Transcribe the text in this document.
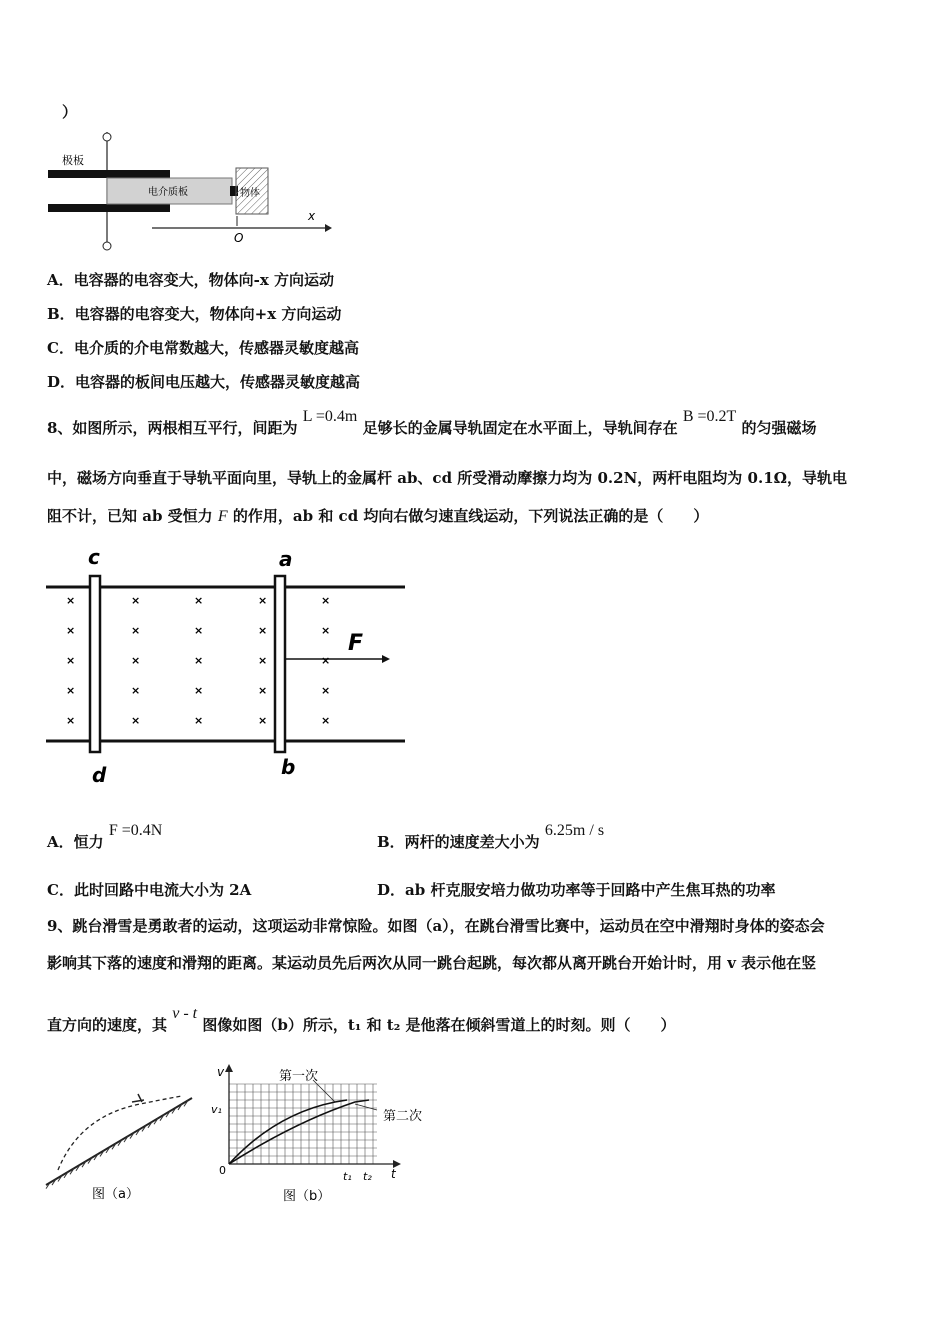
）
极板
电介质板	物体
x
O
A．电容器的电容变大，物体向-x 方向运动
B．电容器的电容变大，物体向+x 方向运动
C．电介质的介电常数越大，传感器灵敏度越高
D．电容器的板间电压越大，传感器灵敏度越高
8、如图所示，两根相互平行，间距为 L =0.4m 足够长的金属导轨固定在水平面上，导轨间存在 B =0.2T 的匀强磁场
中，磁场方向垂直于导轨平面向里，导轨上的金属杆 ab、cd 所受滑动摩擦力均为 0.2N，两杆电阻均为 0.1Ω，导轨电
阻不计，已知 ab 受恒力 F 的作用，ab 和 cd 均向右做匀速直线运动，下列说法正确的是（　　）
c
d
a
b
F
×
×
×
×
×
×
×
×
×
×
×
×
×
×
×
×
×
×
×
×
×
×
×
×
×
A．恒力 F =0.4N
B．两杆的速度差大小为 6.25m / s
C．此时回路中电流大小为 2A	D．ab 杆克服安培力做功功率等于回路中产生焦耳热的功率
9、跳台滑雪是勇敢者的运动，这项运动非常惊险。如图（a），在跳台滑雪比赛中，运动员在空中滑翔时身体的姿态会
影响其下落的速度和滑翔的距离。某运动员先后两次从同一跳台起跳，每次都从离开跳台开始计时，用 v 表示他在竖
直方向的速度，其 v - t 图像如图（b）所示，t₁ 和 t₂ 是他落在倾斜雪道上的时刻。则（　　）
图（a）
v
t
0
v₁
t₁ t₂
第一次
第二次
图（b）
